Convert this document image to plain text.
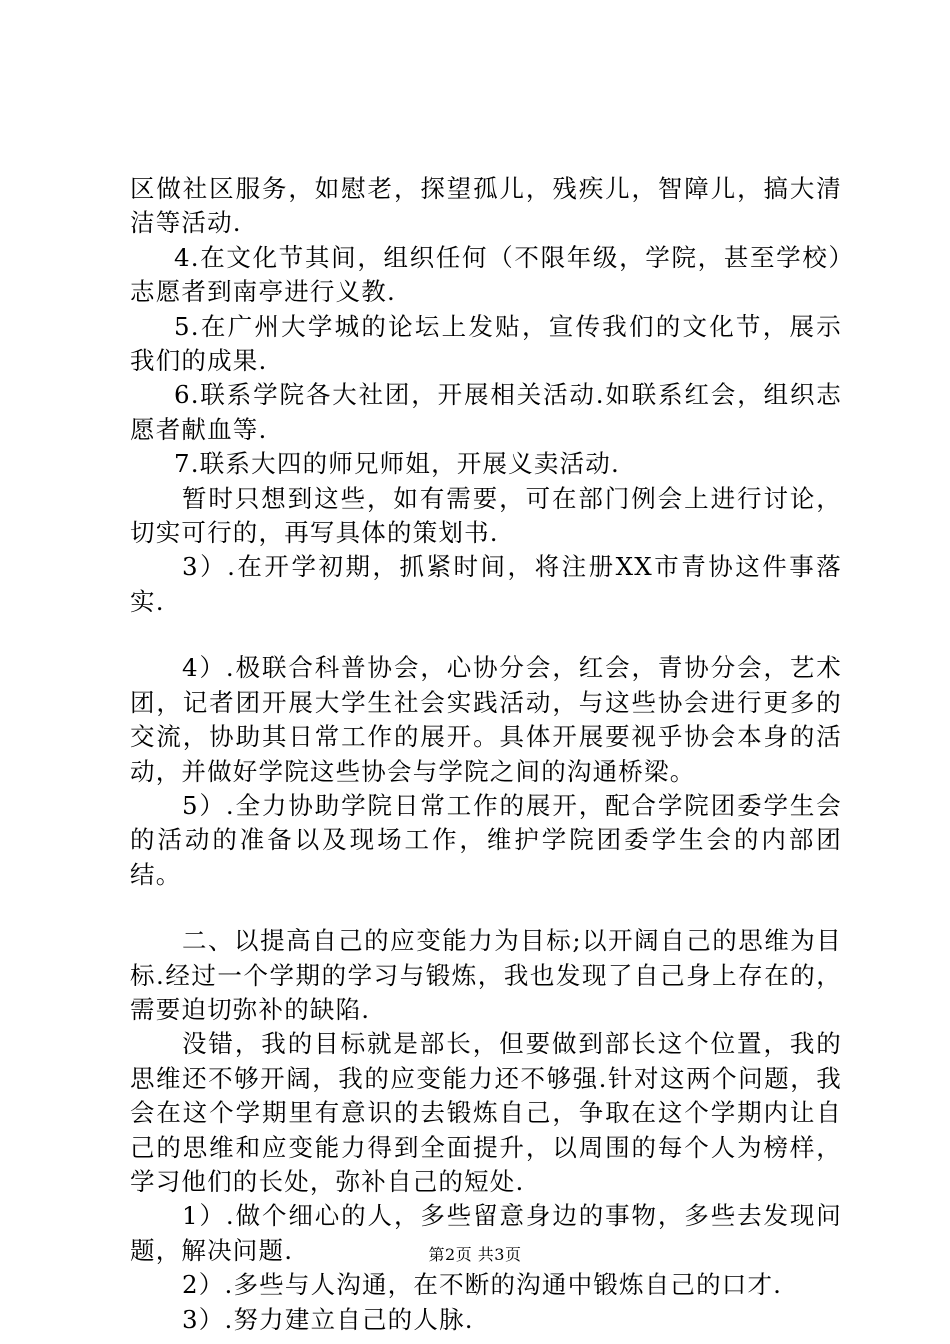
区做社区服务，如慰老，探望孤儿，残疾儿，智障儿，搞大清洁等活动.

4.在文化节其间，组织任何（不限年级，学院，甚至学校）志愿者到南亭进行义教.

5.在广州大学城的论坛上发贴，宣传我们的文化节，展示我们的成果.

6.联系学院各大社团，开展相关活动.如联系红会，组织志愿者献血等.

7.联系大四的师兄师姐，开展义卖活动.

暂时只想到这些，如有需要，可在部门例会上进行讨论，切实可行的，再写具体的策划书.

3）.在开学初期，抓紧时间，将注册XX市青协这件事落实.

4）.极联合科普协会，心协分会，红会，青协分会，艺术团，记者团开展大学生社会实践活动，与这些协会进行更多的交流，协助其日常工作的展开。具体开展要视乎协会本身的活动，并做好学院这些协会与学院之间的沟通桥梁。

5）.全力协助学院日常工作的展开，配合学院团委学生会的活动的准备以及现场工作，维护学院团委学生会的内部团结。

二、以提高自己的应变能力为目标;以开阔自己的思维为目标.经过一个学期的学习与锻炼，我也发现了自己身上存在的，需要迫切弥补的缺陷.

没错，我的目标就是部长，但要做到部长这个位置，我的思维还不够开阔，我的应变能力还不够强.针对这两个问题，我会在这个学期里有意识的去锻炼自己，争取在这个学期内让自己的思维和应变能力得到全面提升，以周围的每个人为榜样，学习他们的长处，弥补自己的短处.

1）.做个细心的人，多些留意身边的事物，多些去发现问题，解决问题.

2）.多些与人沟通，在不断的沟通中锻炼自己的口才.

3）.努力建立自己的人脉.

第2页 共3页
